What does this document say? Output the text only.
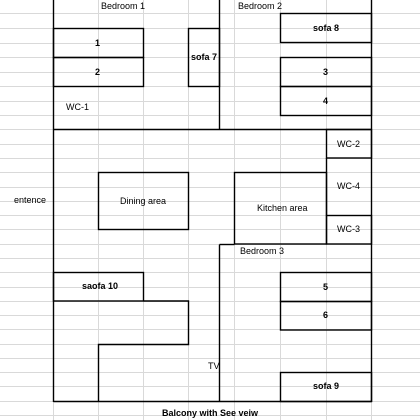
Bedroom 1	Bedroom 2
WC-1
WC-2
WC-4
WC-3
entence	Dining area
Kitchen area
Bedroom 3
TV
Balcony with See veiw
1
2
sofa 7
sofa 8
3
4
saofa 10	5
6
sofa 9
